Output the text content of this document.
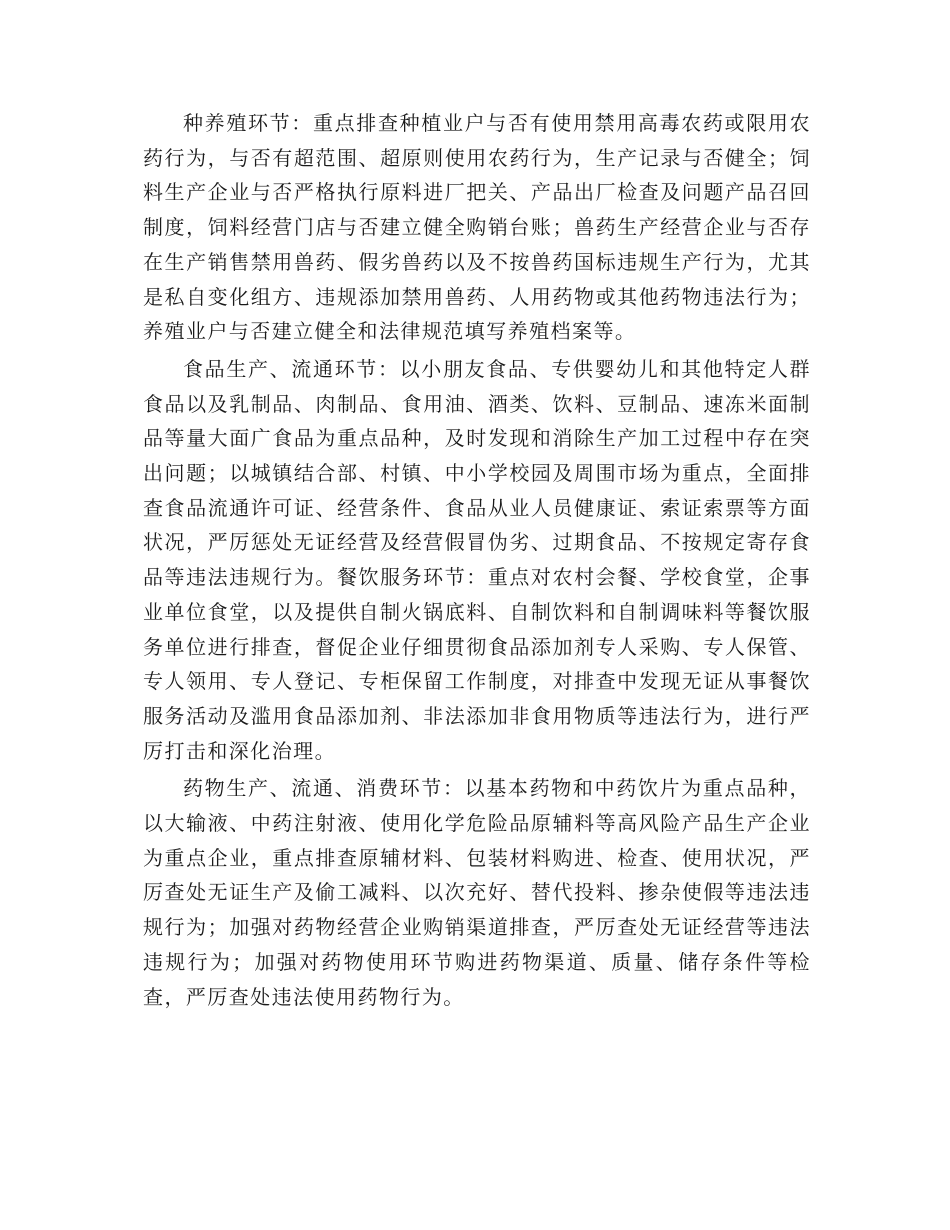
种养殖环节：重点排查种植业户与否有使用禁用高毒农药或限用农药行为，与否有超范围、超原则使用农药行为，生产记录与否健全；饲料生产企业与否严格执行原料进厂把关、产品出厂检查及问题产品召回制度，饲料经营门店与否建立健全购销台账；兽药生产经营企业与否存在生产销售禁用兽药、假劣兽药以及不按兽药国标违规生产行为，尤其是私自变化组方、违规添加禁用兽药、人用药物或其他药物违法行为；养殖业户与否建立健全和法律规范填写养殖档案等。

食品生产、流通环节：以小朋友食品、专供婴幼儿和其他特定人群食品以及乳制品、肉制品、食用油、酒类、饮料、豆制品、速冻米面制品等量大面广食品为重点品种，及时发现和消除生产加工过程中存在突出问题；以城镇结合部、村镇、中小学校园及周围市场为重点，全面排查食品流通许可证、经营条件、食品从业人员健康证、索证索票等方面状况，严厉惩处无证经营及经营假冒伪劣、过期食品、不按规定寄存食品等违法违规行为。餐饮服务环节：重点对农村会餐、学校食堂，企事业单位食堂，以及提供自制火锅底料、自制饮料和自制调味料等餐饮服务单位进行排查，督促企业仔细贯彻食品添加剂专人采购、专人保管、专人领用、专人登记、专柜保留工作制度，对排查中发现无证从事餐饮服务活动及滥用食品添加剂、非法添加非食用物质等违法行为，进行严厉打击和深化治理。

药物生产、流通、消费环节：以基本药物和中药饮片为重点品种，以大输液、中药注射液、使用化学危险品原辅料等高风险产品生产企业为重点企业，重点排查原辅材料、包装材料购进、检查、使用状况，严厉查处无证生产及偷工减料、以次充好、替代投料、掺杂使假等违法违规行为；加强对药物经营企业购销渠道排查，严厉查处无证经营等违法违规行为；加强对药物使用环节购进药物渠道、质量、储存条件等检查，严厉查处违法使用药物行为。
